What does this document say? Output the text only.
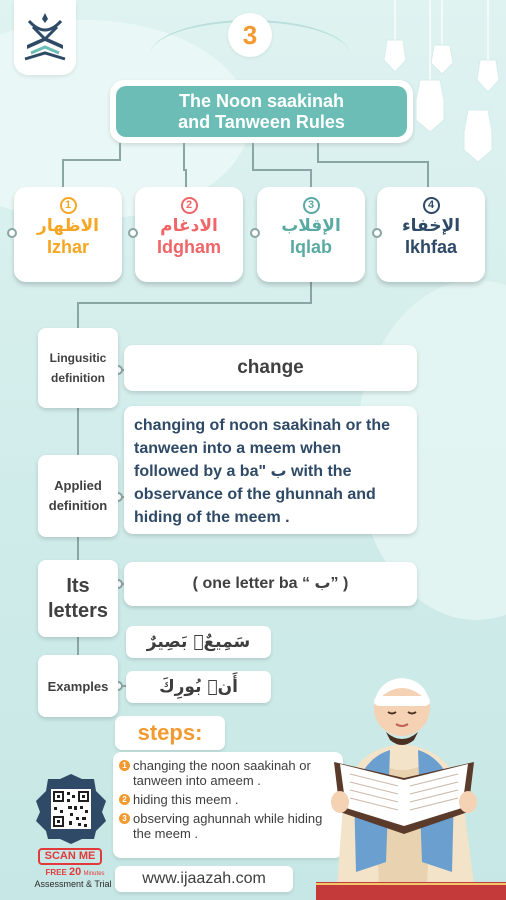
3
The Noon saakinah
and Tanween Rules
1
الاظهار
Izhar
2
الادغام
Idgham
3
الإقلاب
Iqlab
4
الإخفاء
Ikhfaa
Lingusitic
definition	change
Applied
definition
changing of noon saakinah or the tanween into a meem when followed by a ba" ب with the observance of the ghunnah and hiding of the meem .
Its
letters
( one letter ba “ ب” )
Examples
سَمِيعٌۢ بَصِيرٌ
أَنۢ بُورِكَ
steps:
1 changing the noon saakinah or tanween into ameem .
2 hiding this meem .
3 observing aghunnah while hiding the meem .
SCAN ME
FREE 20 Minutes
Assessment & Trial	www.ijaazah.com
